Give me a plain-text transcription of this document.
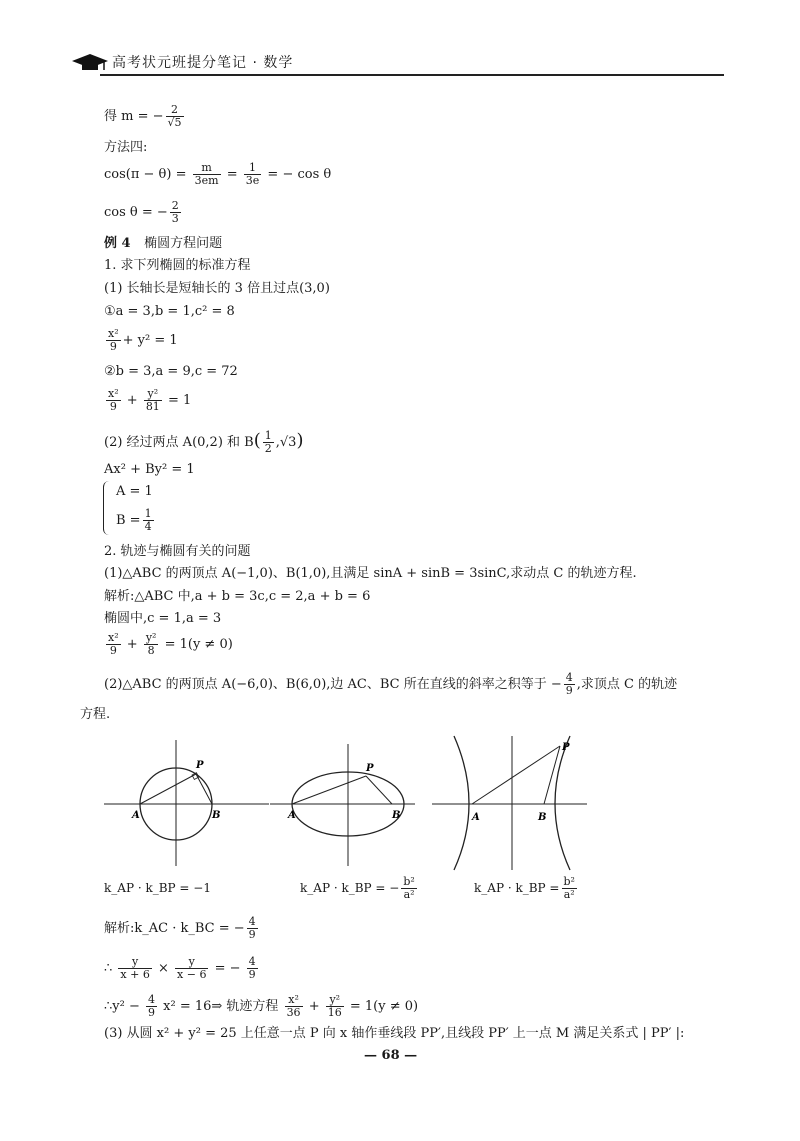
高考状元班提分笔记 · 数学
得 m = − $\frac{2}{√5}$
方法四:
$\cos(\pi - \theta) = \frac{m}{3em} = \frac{1}{3e}$ = − cos θ
cos θ = − $\frac{2}{3}$
例 4 椭圆方程问题
1. 求下列椭圆的标准方程
(1) 长轴长是短轴长的 3 倍且过点(3,0)
①a = 3,b = 1,c² = 8
$\frac{\text{x²}}{9} + y^2 = 1$
②b = 3,a = 9,c = 72
$\frac{\text{x²}}{9} + \frac{\text{y²}}{81} = 1$
(2) 经过两点 A(0,2) 和 $B( \frac{1}{2} ,√3)$
Ax² + By² = 1
A = 1
$B = \frac{1}{4}$
2. 轨迹与椭圆有关的问题
(1)△ABC 的两顶点 A(−1,0)、B(1,0),且满足 sinA + sinB = 3sinC,求动点 C 的轨迹方程.
解析:△ABC 中,a + b = 3c,c = 2,a + b = 6
椭圆中,c = 1,a = 3
$\frac{\text{x²}}{9} + \frac{\text{y²}}{8} = 1(y \ne 0)$
(2)△ABC 的两顶点 A(−6,0)、B(6,0),边 AC、BC 所在直线的斜率之积等于 − $\frac{4}{9}$ ,求顶点 C 的轨迹
方程.
P
A	B
P
A	B
P
A	B
k_AP · k_BP = −1	k_AP · k_BP = − $\frac{\text{b²}}{\text{a²}}$	k_AP · k_BP = $\frac{\text{b²}}{\text{a²}}$
解析:k_AC · k_BC = − $\frac{4}{9}$
∴ $\frac{y}{x + 6} \times \frac{y}{x - 6}$ = − $\frac{4}{9}$
∴y² − $\frac{4}{9} x^2$ = 16⇒ 轨迹方程 $\frac{\text{x²}}{36} + \frac{\text{y²}}{16} = 1(y \ne 0)$
(3) 从圆 x² + y² = 25 上任意一点 P 向 x 轴作垂线段 PP′,且线段 PP′ 上一点 M 满足关系式 | PP′ |:
— 68 —
